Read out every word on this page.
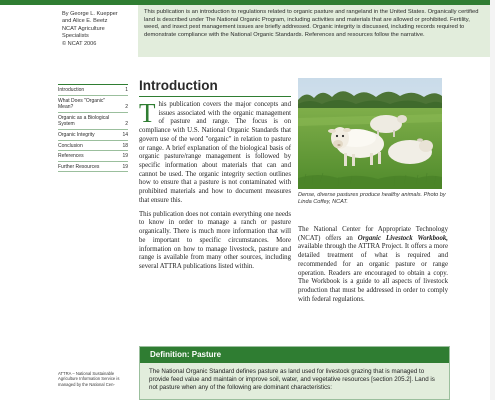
By George L. Kuepper
and Alice E. Beetz
NCAT Agriculture
Specialists
© NCAT 2006
Introduction	1
What Does "Organic" Mean?	2
Organic as a Biological System	2
Organic Integrity	14
Conclusion	18
References	19
Further Resources	19
ATTRA – National Sustainable Agriculture Information Service is managed by the National Cen-
This publication is an introduction to regulations related to organic pasture and rangeland in the United States. Organically certified land is described under The National Organic Program, including activities and materials that are allowed or prohibited. Fertility, weed, and insect pest management issues are briefly addressed. Organic integrity is discussed, including records required to demonstrate compliance with the National Organic Standards. References and resources follow the narrative.
Introduction

This publication covers the major concepts and issues associated with the organic management of pasture and range. The focus is on compliance with U.S. National Organic Standards that govern use of the word "organic" in relation to pasture or range. A brief explanation of the biological basis of organic pasture/range management is followed by specific information about materials that can and cannot be used. The organic integrity section outlines how to ensure that a pasture is not contaminated with prohibited materials and how to document measures that ensure this.

This publication does not contain everything one needs to know in order to manage a ranch or pasture organically. There is much more information that will be important to specific circumstances. More information on how to manage livestock, pasture and range is available from many other sources, including several ATTRA publications listed within.

Dense, diverse pastures produce healthy animals. Photo by Linda Coffey, NCAT.
The National Center for Appropriate Technology (NCAT) offers an Organic Livestock Workbook, available through the ATTRA Project. It offers a more detailed treatment of what is required and recommended for an organic pasture or range operation. Readers are encouraged to obtain a copy. The Workbook is a guide to all aspects of livestock production that must be addressed in order to comply with federal regulations.
Definition: Pasture
The National Organic Standard defines pasture as land used for livestock grazing that is managed to provide feed value and maintain or improve soil, water, and vegetative resources [section 205.2]. Land is not pasture when any of the following are dominant characteristics:
